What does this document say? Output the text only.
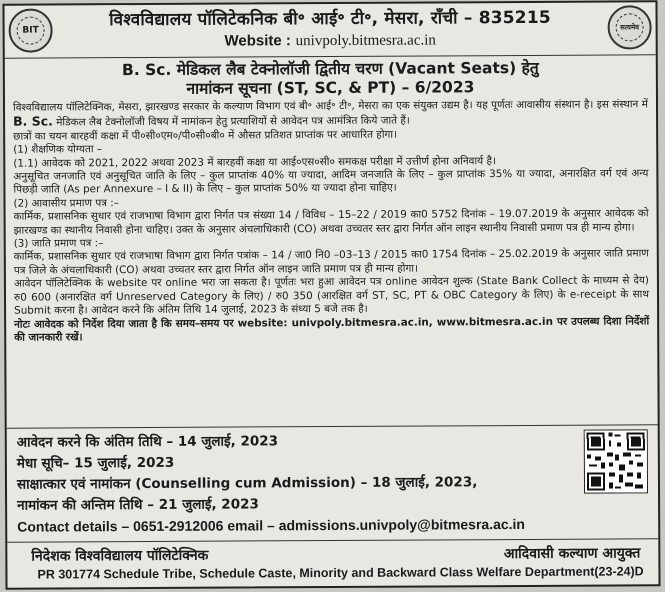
BIT
विश्वविद्यालय पॉलिटेकनिक बी॰ आई॰ टी॰, मेसरा, राँची – 835215
Website : univpoly.bitmesra.ac.in
सत्यमेव
B. Sc. मेडिकल लैब टेक्नोलॉजी द्वितीय चरण (Vacant Seats) हेतु
नामांकन सूचना (ST, SC, & PT) – 6/2023

विश्वविद्यालय पॉलिटेक्निक, मेसरा, झारखण्ड सरकार के कल्याण विभाग एवं बी॰ आई॰ टी॰, मेसरा का एक संयुक्त उद्यम है। यह पूर्णतः आवासीय संस्थान है। इस संस्थान में B. Sc. मेडिकल लैब टेक्नोलॉजी विषय में नामांकन हेतु प्रत्याशियों से आवेदन पत्र आमंत्रित किये जाते हैं।

छात्रों का चयन बारहवीं कक्षा में पी०सी०एम०/पी०सी०बी० में औसत प्रतिशत प्राप्तांक पर आधारित होगा।

(1) शैक्षणिक योग्यता –

(1.1) आवेदक को 2021, 2022 अथवा 2023 में बारहवीं कक्षा या आई०एस०सी० समकक्ष परीक्षा में उत्तीर्ण होना अनिवार्य है।

अनुसूचित जनजाति एवं अनुसूचित जाति के लिए – कुल प्राप्तांक 40% या ज्यादा, आदिम जनजाति के लिए – कुल प्राप्तांक 35% या ज्यादा, अनारक्षित वर्ग एवं अन्य पिछड़ी जाति (As per Annexure – I & II) के लिए – कुल प्राप्तांक 50% या ज्यादा होना चाहिए।

(2) आवासीय प्रमाण पत्र :–

कार्मिक, प्रशासनिक सुधार एवं राजभाषा विभाग द्वारा निर्गत पत्र संख्या 14 / विविध – 15–22 / 2019 का0 5752 दिनांक – 19.07.2019 के अनुसार आवेदक को झारखण्ड का स्थानीय निवासी होना चाहिए। उक्त के अनुसार अंचलाधिकारी (CO) अथवा उच्चतर स्तर द्वारा निर्गत ऑन लाइन स्थानीय निवासी प्रमाण पत्र ही मान्य होगा।

(3) जाति प्रमाण पत्र :–

कार्मिक, प्रशासनिक सुधार एवं राजभाषा विभाग द्वारा निर्गत पत्रांक – 14 / जा0 नि0 –03–13 / 2015 का0 1754 दिनांक – 25.02.2019 के अनुसार जाति प्रमाण पत्र जिले के अंचलाधिकारी (CO) अथवा उच्चतर स्तर द्वारा निर्गत ऑन लाइन जाति प्रमाण पत्र ही मान्य होगा।

आवेदन पॉलिटेक्निक के website पर online भरा जा सकता है। पूर्णतः भरा हुआ आवेदन पत्र online आवेदन शुल्क (State Bank Collect के माध्यम से देय) रु0 600 (अनारक्षित वर्ग Unreserved Category के लिए) / रु0 350 (आरक्षित वर्ग ST, SC, PT & OBC Category के लिए) के e-receipt के साथ Submit करना है। आवेदन करने कि अंतिम तिथि 14 जुलाई, 2023 के संध्या 5 बजे तक है।

नोटः आवेदक को निर्देश दिया जाता है कि समय–समय पर website: univpoly.bitmesra.ac.in, www.bitmesra.ac.in पर उपलब्ध दिशा निर्देशों की जानकारी रखें।

आवेदन करने कि अंतिम तिथि – 14 जुलाई, 2023
मेधा सूचि– 15 जुलाई, 2023
साक्षात्कार एवं नामांकन (Counselling cum Admission) – 18 जुलाई, 2023,
नामांकन की अन्तिम तिथि – 21 जुलाई, 2023
Contact details – 0651-2912006 email – admissions.univpoly@bitmesra.ac.in
निदेशक विश्वविद्यालय पॉलिटेक्निक	आदिवासी कल्याण आयुक्त
PR 301774 Schedule Tribe, Schedule Caste, Minority and Backward Class Welfare Department(23-24)D
